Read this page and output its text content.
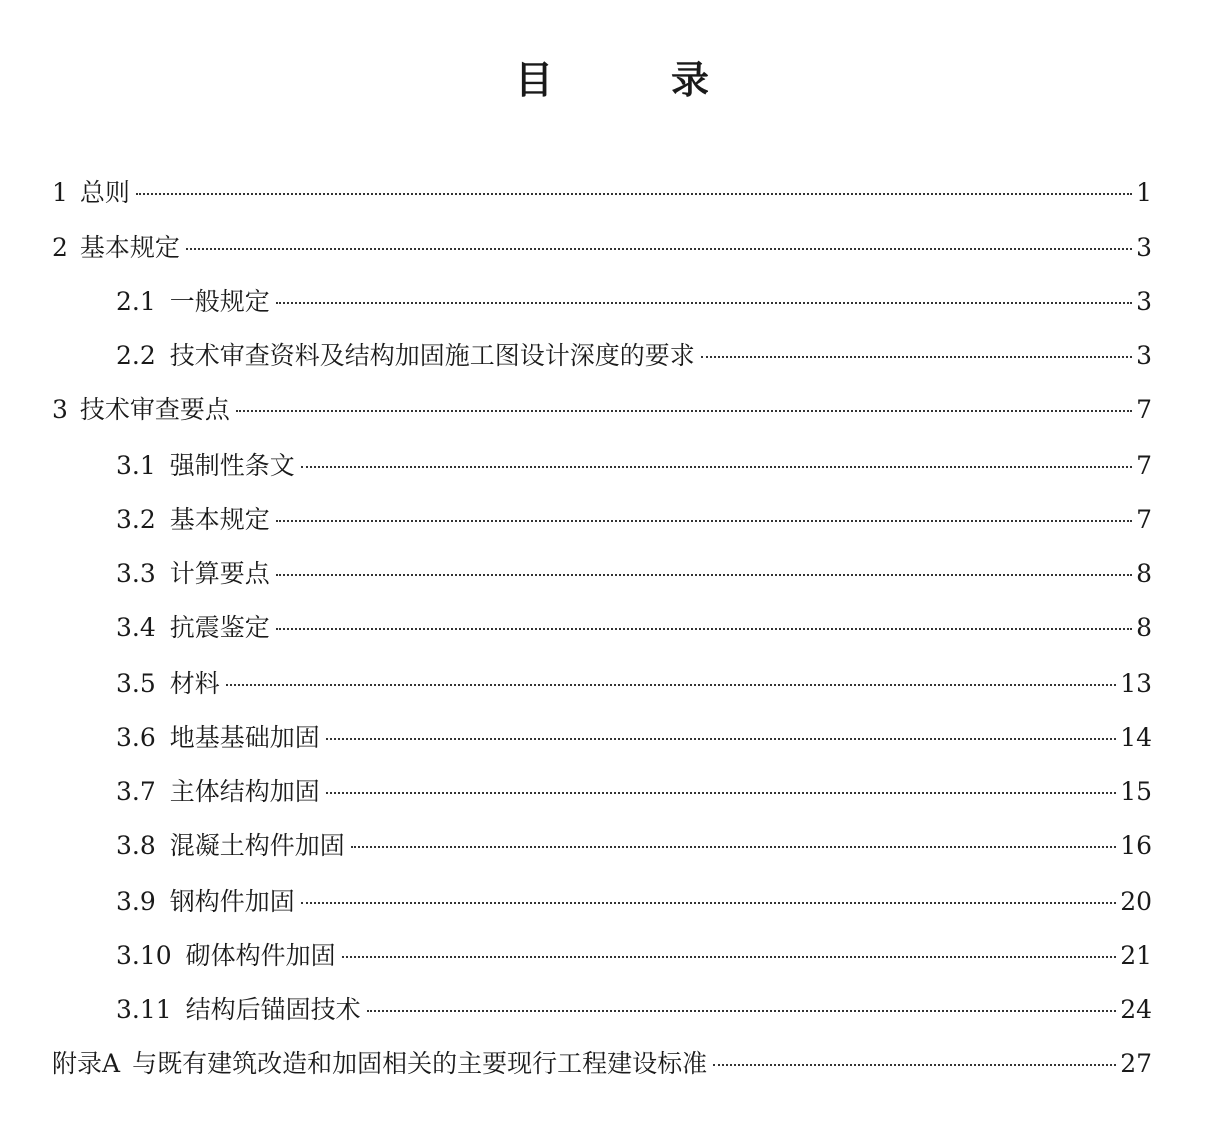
目　录
1 总则	1
2 基本规定	3
2.1 一般规定	3
2.2 技术审查资料及结构加固施工图设计深度的要求	3
3 技术审查要点	7
3.1 强制性条文	7
3.2 基本规定	7
3.3 计算要点	8
3.4 抗震鉴定	8
3.5 材料	13
3.6 地基基础加固	14
3.7 主体结构加固	15
3.8 混凝土构件加固	16
3.9 钢构件加固	20
3.10 砌体构件加固	21
3.11 结构后锚固技术	24
附录A 与既有建筑改造和加固相关的主要现行工程建设标准	27
